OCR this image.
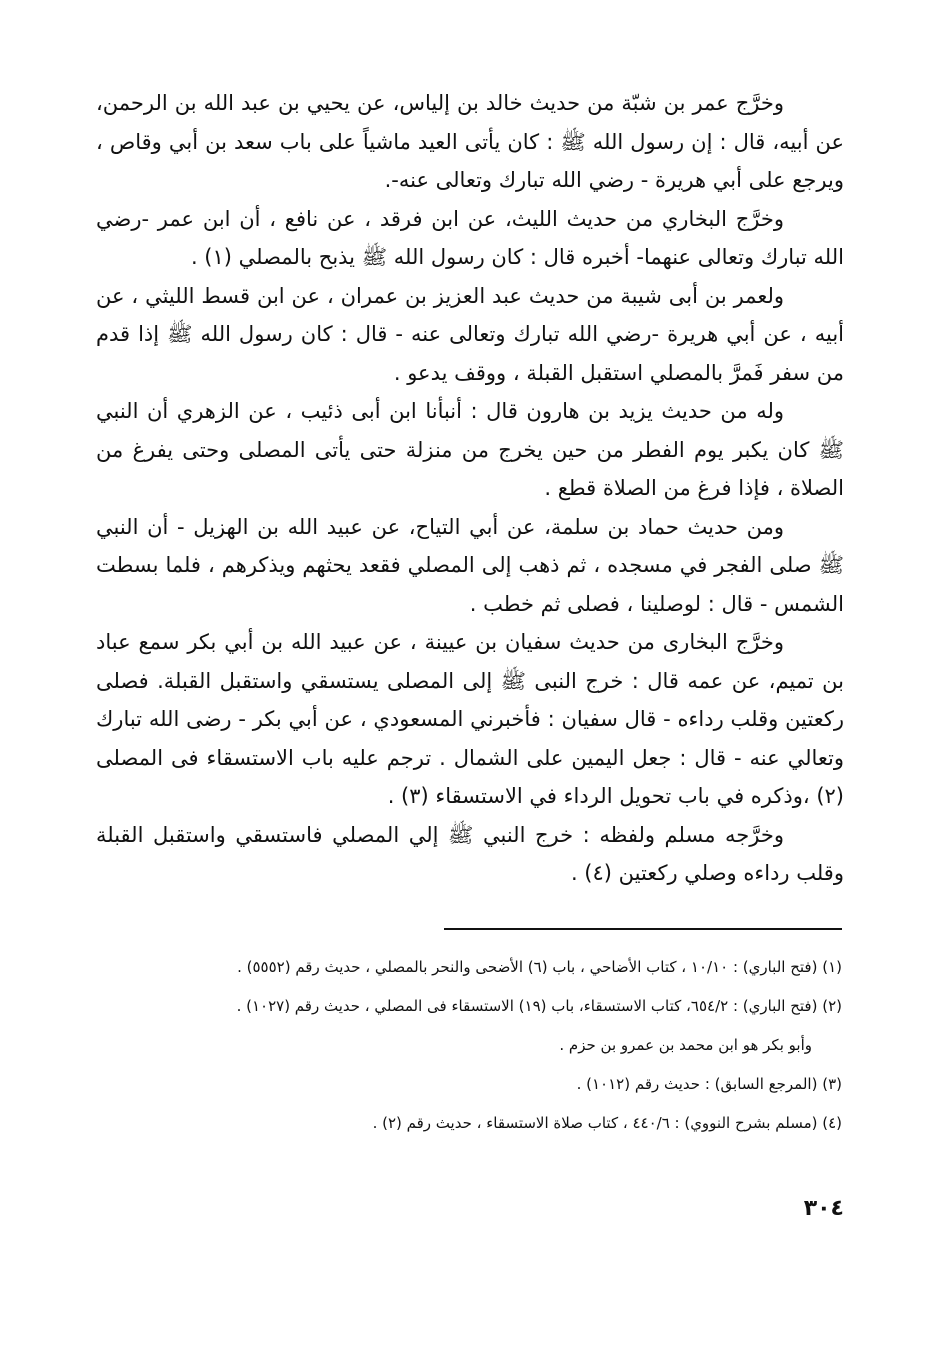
وخرَّج عمر بن شبّة من حديث خالد بن إلياس، عن يحيي بن عبد الله بن الرحمن، عن أبيه، قال : إن رسول الله ﷺ : كان يأتى العيد ماشياً على باب سعد بن أبي وقاص ، ويرجع على أبي هريرة - رضي الله تبارك وتعالى عنه-.

وخرَّج البخاري من حديث الليث، عن ابن فرقد ، عن نافع ، أن ابن عمر -رضي الله تبارك وتعالى عنهما- أخبره قال : كان رسول الله ﷺ يذبح بالمصلي (١) .

ولعمر بن أبى شيبة من حديث عبد العزيز بن عمران ، عن ابن قسط الليثي ، عن أبيه ، عن أبي هريرة -رضي الله تبارك وتعالى عنه - قال : كان رسول الله ﷺ إذا قدم من سفر فَمرَّ بالمصلي استقبل القبلة ، ووقف يدعو .

وله من حديث يزيد بن هارون قال : أنبأنا ابن أبى ذئيب ، عن الزهري أن النبي ﷺ كان يكبر يوم الفطر من حين يخرج من منزلة حتى يأتى المصلى وحتى يفرغ من الصلاة ، فإذا فرغ من الصلاة قطع .

ومن حديث حماد بن سلمة، عن أبي التياح، عن عبيد الله بن الهزيل - أن النبي ﷺ صلى الفجر في مسجده ، ثم ذهب إلى المصلي فقعد يحثهم ويذكرهم ، فلما بسطت الشمس - قال : لوصلينا ، فصلى ثم خطب .

وخرَّج البخارى من حديث سفيان بن عيينة ، عن عبيد الله بن أبي بكر سمع عباد بن تميم، عن عمه قال : خرج النبى ﷺ إلى المصلى يستسقي واستقبل القبلة. فصلى ركعتين وقلب رداءه - قال سفيان : فأخبرني المسعودي ، عن أبي بكر - رضى الله تبارك وتعالي عنه - قال : جعل اليمين على الشمال . ترجم عليه باب الاستسقاء فى المصلى (٢) ،وذكره في باب تحويل الرداء في الاستسقاء (٣) .

وخرَّجه مسلم ولفظه : خرج النبي ﷺ إلي المصلي فاستسقي واستقبل القبلة وقلب رداءه وصلي ركعتين (٤) .

(١) (فتح الباري) : ١٠/١٠ ، كتاب الأضاحي ، باب (٦) الأضحى والنحر بالمصلي ، حديث رقم (٥٥٥٢) .

(٢) (فتح الباري) : ٦٥٤/٢، كتاب الاستسقاء، باب (١٩) الاستسقاء فى المصلي ، حديث رقم (١٠٢٧) .

وأبو بكر هو ابن محمد بن عمرو بن حزم .

(٣) (المرجع السابق) : حديث رقم (١٠١٢) .

(٤) (مسلم بشرح النووي) : ٤٤٠/٦ ، كتاب صلاة الاستسقاء ، حديث رقم (٢) .

٣٠٤
